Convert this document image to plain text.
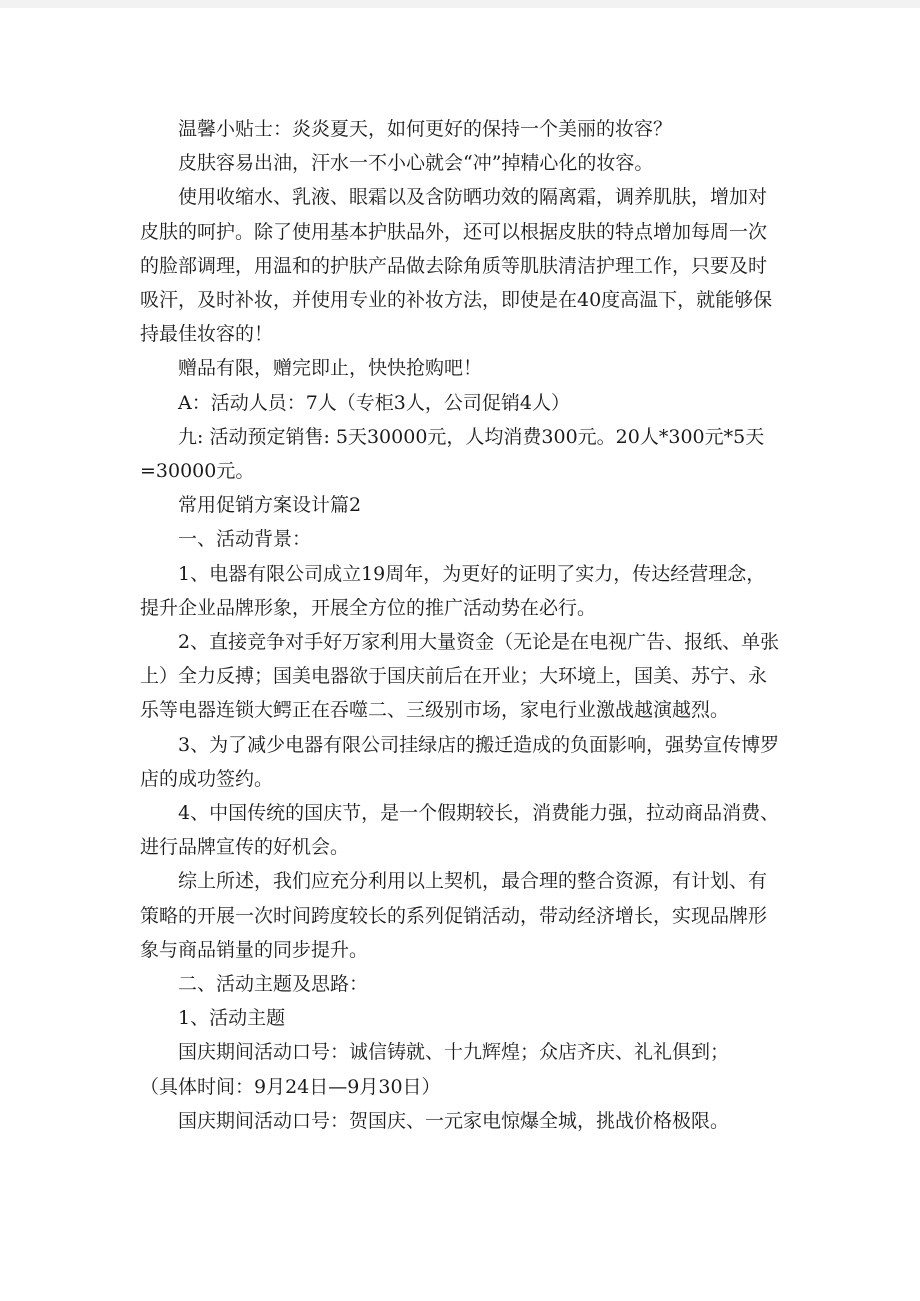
温馨小贴士：炎炎夏天，如何更好的保持一个美丽的妆容？

皮肤容易出油，汗水一不小心就会“冲”掉精心化的妆容。

使用收缩水、乳液、眼霜以及含防晒功效的隔离霜，调养肌肤，增加对皮肤的呵护。除了使用基本护肤品外，还可以根据皮肤的特点增加每周一次的脸部调理，用温和的护肤产品做去除角质等肌肤清洁护理工作，只要及时吸汗，及时补妆，并使用专业的补妆方法，即使是在40度高温下，就能够保持最佳妆容的！

赠品有限，赠完即止，快快抢购吧！

A：活动人员：7人（专柜3人，公司促销4人）

九: 活动预定销售: 5天30000元，人均消费300元。20人*300元*5天=30000元。

常用促销方案设计篇2

一、活动背景：

1、电器有限公司成立19周年，为更好的证明了实力，传达经营理念，提升企业品牌形象，开展全方位的推广活动势在必行。

2、直接竞争对手好万家利用大量资金（无论是在电视广告、报纸、单张上）全力反搏；国美电器欲于国庆前后在开业；大环境上，国美、苏宁、永乐等电器连锁大鳄正在吞噬二、三级别市场，家电行业激战越演越烈。

3、为了减少电器有限公司挂绿店的搬迁造成的负面影响，强势宣传博罗店的成功签约。

4、中国传统的国庆节，是一个假期较长，消费能力强，拉动商品消费、进行品牌宣传的好机会。

综上所述，我们应充分利用以上契机，最合理的整合资源，有计划、有策略的开展一次时间跨度较长的系列促销活动，带动经济增长，实现品牌形象与商品销量的同步提升。

二、活动主题及思路：

1、活动主题

国庆期间活动口号：诚信铸就、十九辉煌；众店齐庆、礼礼俱到；

（具体时间：9月24日—9月30日）

国庆期间活动口号：贺国庆、一元家电惊爆全城，挑战价格极限。
